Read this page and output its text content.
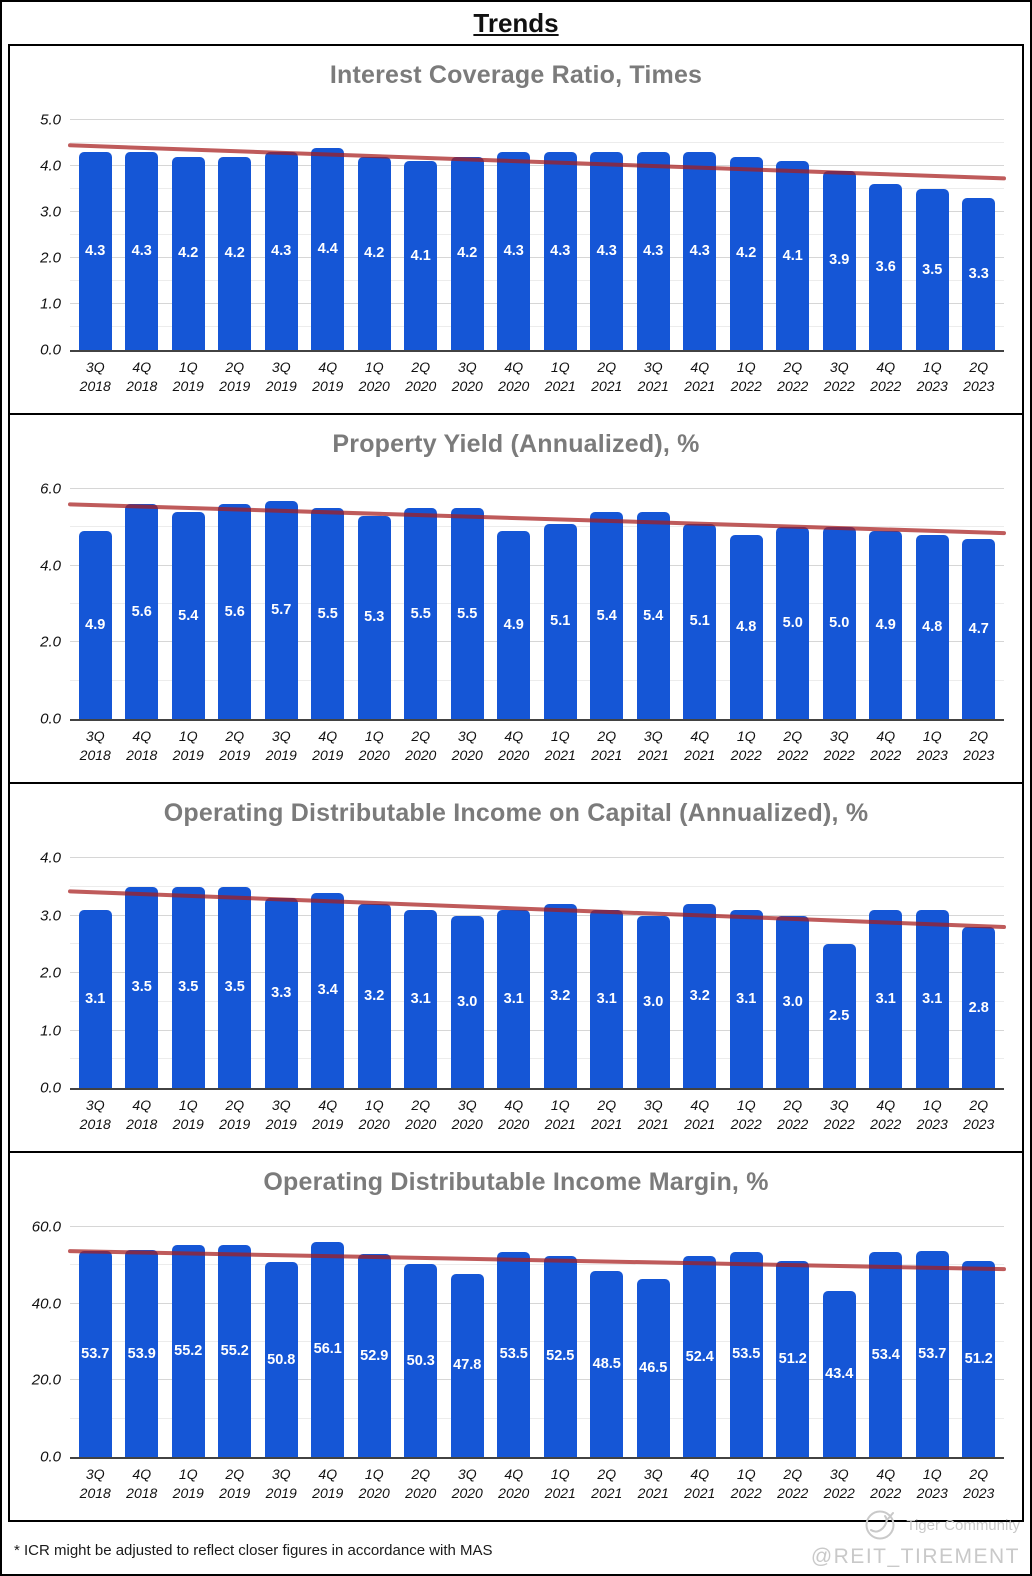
Trends
Interest Coverage Ratio, Times
0.0
1.0
2.0
3.0
4.0
5.0
4.3 4.3 4.2 4.2 4.3 4.4 4.2 4.1 4.2 4.3 4.3 4.3 4.3 4.3 4.2 4.1 3.9 3.6 3.5 3.3
3Q
2018
4Q
2018
1Q
2019
2Q
2019
3Q
2019
4Q
2019
1Q
2020
2Q
2020
3Q
2020
4Q
2020
1Q
2021
2Q
2021
3Q
2021
4Q
2021
1Q
2022
2Q
2022
3Q
2022
4Q
2022
1Q
2023
2Q
2023
Property Yield (Annualized), %
0.0
2.0
4.0
6.0
4.9
5.6 5.4 5.6 5.7 5.5 5.3 5.5 5.5
4.9 5.1 5.4 5.4 5.1 4.8 5.0 5.0 4.9 4.8 4.7
3Q
2018
4Q
2018
1Q
2019
2Q
2019
3Q
2019
4Q
2019
1Q
2020
2Q
2020
3Q
2020
4Q
2020
1Q
2021
2Q
2021
3Q
2021
4Q
2021
1Q
2022
2Q
2022
3Q
2022
4Q
2022
1Q
2023
2Q
2023
Operating Distributable Income on Capital (Annualized), %
0.0
1.0
2.0
3.0
4.0
3.1
3.5 3.5 3.5 3.3 3.4 3.2 3.1 3.0 3.1 3.2 3.1 3.0 3.2 3.1 3.0
2.5
3.1 3.1
2.8
3Q
2018
4Q
2018
1Q
2019
2Q
2019
3Q
2019
4Q
2019
1Q
2020
2Q
2020
3Q
2020
4Q
2020
1Q
2021
2Q
2021
3Q
2021
4Q
2021
1Q
2022
2Q
2022
3Q
2022
4Q
2022
1Q
2023
2Q
2023
Operating Distributable Income Margin, %
0.0
20.0
40.0
60.0
53.7 53.9 55.2 55.2
50.8
56.1 52.9 50.3 47.8
53.5 52.5 48.5 46.5
52.4 53.5 51.2
43.4
53.4 53.7 51.2
3Q
2018
4Q
2018
1Q
2019
2Q
2019
3Q
2019
4Q
2019
1Q
2020
2Q
2020
3Q
2020
4Q
2020
1Q
2021
2Q
2021
3Q
2021
4Q
2021
1Q
2022
2Q
2022
3Q
2022
4Q
2022
1Q
2023
2Q
2023
* ICR might be adjusted to reflect closer figures in accordance with MAS
Tiger Community
@REIT_TIREMENT
